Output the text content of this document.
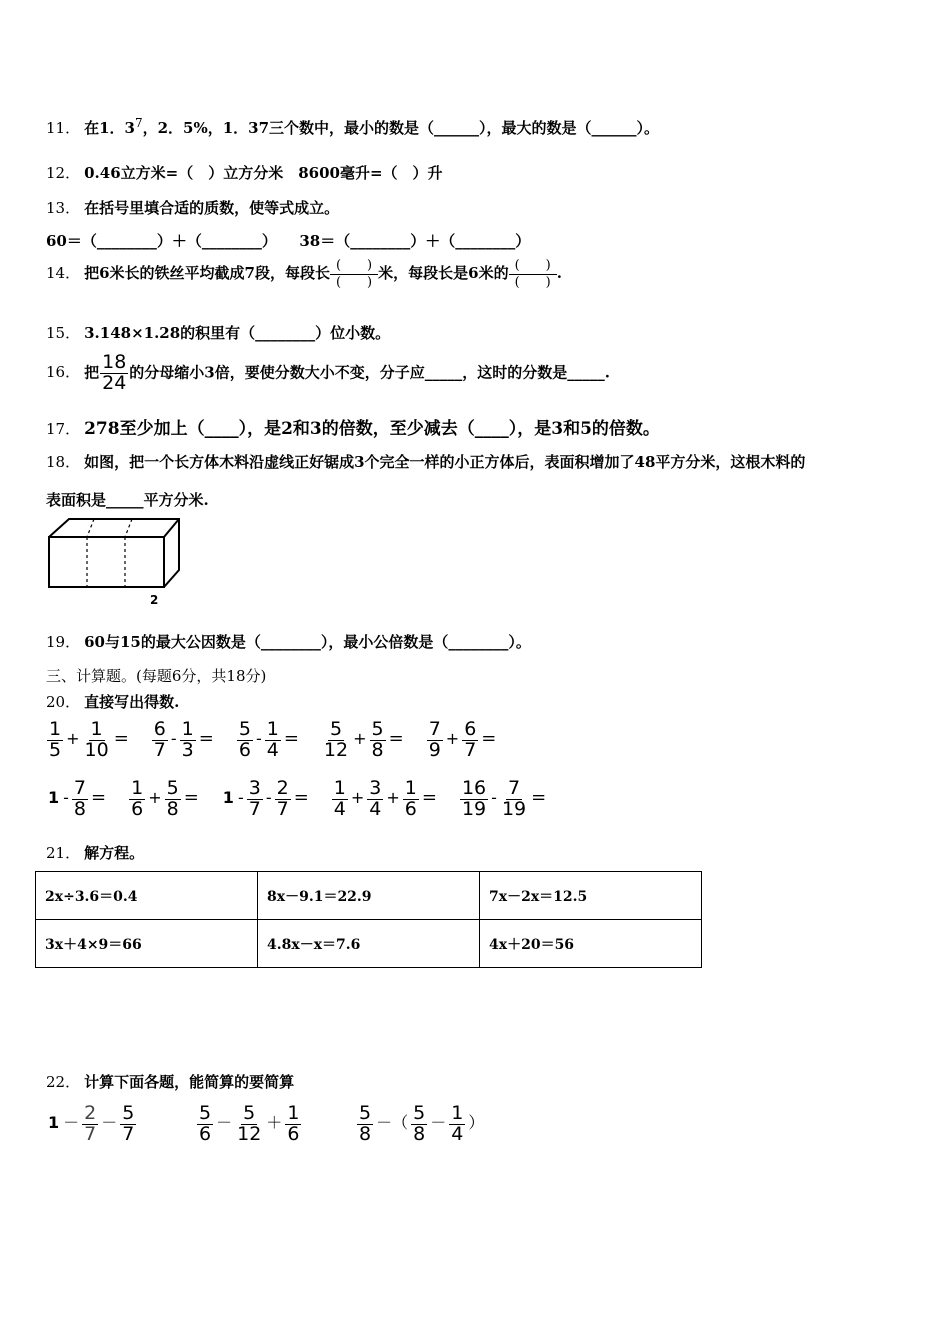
11． 在1．$3^7$，2．5%，1．37三个数中，最小的数是（______），最大的数是（______）。
12． 0.46立方米=（　）立方分米　8600毫升=（　）升
13． 在括号里填合适的质数，使等式成立。
60＝（________）＋（________）　　38＝（________）＋（________）
14． 把6米长的铁丝平均截成7段，每段长 (　　)
(　　) 米，每段长是6米的 (　　)
(　　) .
15． 3.148×1.28的积里有（________）位小数。
16． 把 $\frac{18}{24}$ 的分母缩小3倍，要使分数大小不变，分子应_____，这时的分数是_____.
17． 278至少加上（____），是2和3的倍数，至少减去（____），是3和5的倍数。
18． 如图，把一个长方体木料沿虚线正好锯成3个完全一样的小正方体后，表面积增加了48平方分米，这根木料的
表面积是_____平方分米.
2
19． 60与15的最大公因数是（________），最小公倍数是（________）。
三、计算题。(每题6分，共18分)
20． 直接写出得数.
$\frac{1}{5} + \frac{1}{10} = \frac{6}{7} - \frac{1}{3} = \frac{5}{6} - \frac{1}{4} = \frac{5}{12} + \frac{5}{8} = \frac{7}{9} + \frac{6}{7}$ =
$1 - \frac{7}{8} = \frac{1}{6} + \frac{5}{8} = 1 - \frac{3}{7} - \frac{2}{7} = \frac{1}{4} + \frac{3}{4} + \frac{1}{6} = \frac{16}{19} - \frac{7}{19}$ =
21． 解方程。
2x÷3.6＝0.4	8x－9.1＝22.9	7x－2x＝12.5
3x＋4×9＝66	4.8x－x＝7.6	4x＋20＝56
22． 计算下面各题，能简算的要简算
$1 - \frac{2}{7} - \frac{5}{7}$	$\frac{5}{6} - \frac{5}{12} + \frac{1}{6}$	$\frac{5}{8}$ －（ $\frac{5}{8} - \frac{1}{4}$ ）
